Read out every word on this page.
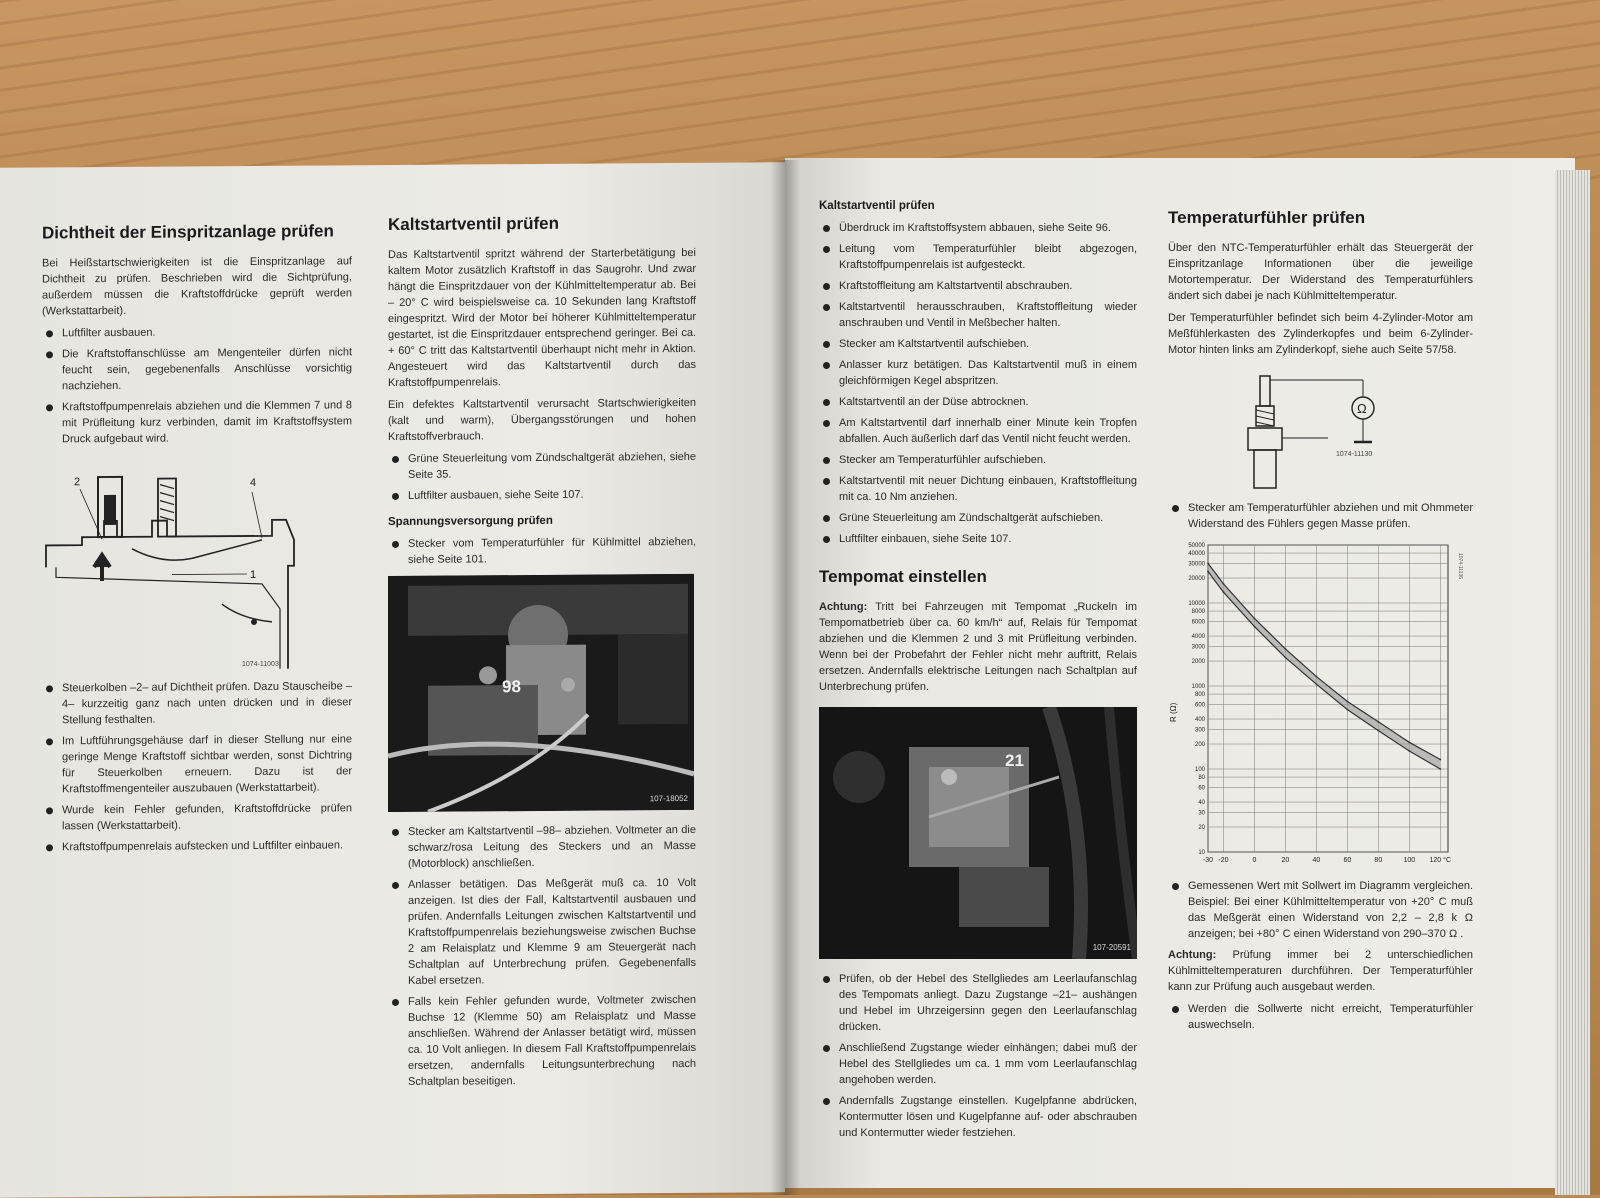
Dichtheit der Einspritzanlage prüfen

Bei Heißstartschwierigkeiten ist die Einspritzanlage auf Dichtheit zu prüfen. Beschrieben wird die Sichtprüfung, außerdem müssen die Kraftstoffdrücke geprüft werden (Werkstattarbeit).

Luftfilter ausbauen.
Die Kraftstoffanschlüsse am Mengenteiler dürfen nicht feucht sein, gegebenenfalls Anschlüsse vorsichtig nachziehen.
Kraftstoffpumpenrelais abziehen und die Klemmen 7 und 8 mit Prüfleitung kurz verbinden, damit im Kraftstoffsystem Druck aufgebaut wird.
2	4
1
1074-11003
Steuerkolben –2– auf Dichtheit prüfen. Dazu Stauscheibe –4– kurzzeitig ganz nach unten drücken und in dieser Stellung festhalten.
Im Luftführungsgehäuse darf in dieser Stellung nur eine geringe Menge Kraftstoff sichtbar werden, sonst Dichtring für Steuerkolben erneuern. Dazu ist der Kraftstoffmengenteiler auszubauen (Werkstattarbeit).
Wurde kein Fehler gefunden, Kraftstoffdrücke prüfen lassen (Werkstattarbeit).
Kraftstoffpumpenrelais aufstecken und Luftfilter einbauen.
Kaltstartventil prüfen

Das Kaltstartventil spritzt während der Starterbetätigung bei kaltem Motor zusätzlich Kraftstoff in das Saugrohr. Und zwar hängt die Einspritzdauer von der Kühlmitteltemperatur ab. Bei – 20° C wird beispielsweise ca. 10 Sekunden lang Kraftstoff eingespritzt. Wird der Motor bei höherer Kühlmitteltemperatur gestartet, ist die Einspritzdauer entsprechend geringer. Bei ca. + 60° C tritt das Kaltstartventil überhaupt nicht mehr in Aktion. Angesteuert wird das Kaltstartventil durch das Kraftstoffpumpenrelais.

Ein defektes Kaltstartventil verursacht Startschwierigkeiten (kalt und warm), Übergangsstörungen und hohen Kraftstoffverbrauch.

Grüne Steuerleitung vom Zündschaltgerät abziehen, siehe Seite 35.
Luftfilter ausbauen, siehe Seite 107.
Spannungsversorgung prüfen
Stecker vom Temperaturfühler für Kühlmittel abziehen, siehe Seite 101.
98
107-18052
Stecker am Kaltstartventil –98– abziehen. Voltmeter an die schwarz/rosa Leitung des Steckers und an Masse (Motorblock) anschließen.
Anlasser betätigen. Das Meßgerät muß ca. 10 Volt anzeigen. Ist dies der Fall, Kaltstartventil ausbauen und prüfen. Andernfalls Leitungen zwischen Kaltstartventil und Kraftstoffpumpenrelais beziehungsweise zwischen Buchse 2 am Relaisplatz und Klemme 9 am Steuergerät nach Schaltplan auf Unterbrechung prüfen. Gegebenenfalls Kabel ersetzen.
Falls kein Fehler gefunden wurde, Voltmeter zwischen Buchse 12 (Klemme 50) am Relaisplatz und Masse anschließen. Während der Anlasser betätigt wird, müssen ca. 10 Volt anliegen. In diesem Fall Kraftstoffpumpenrelais ersetzen, andernfalls Leitungsunterbrechung nach Schaltplan beseitigen.
Kaltstartventil prüfen
Überdruck im Kraftstoffsystem abbauen, siehe Seite 96.
Leitung vom Temperaturfühler bleibt abgezogen, Kraftstoffpumpenrelais ist aufgesteckt.
Kraftstoffleitung am Kaltstartventil abschrauben.
Kaltstartventil herausschrauben, Kraftstoffleitung wieder anschrauben und Ventil in Meßbecher halten.
Stecker am Kaltstartventil aufschieben.
Anlasser kurz betätigen. Das Kaltstartventil muß in einem gleichförmigen Kegel abspritzen.
Kaltstartventil an der Düse abtrocknen.
Am Kaltstartventil darf innerhalb einer Minute kein Tropfen abfallen. Auch äußerlich darf das Ventil nicht feucht werden.
Stecker am Temperaturfühler aufschieben.
Kaltstartventil mit neuer Dichtung einbauen, Kraftstoffleitung mit ca. 10 Nm anziehen.
Grüne Steuerleitung am Zündschaltgerät aufschieben.
Luftfilter einbauen, siehe Seite 107.
Tempomat einstellen

Achtung: Tritt bei Fahrzeugen mit Tempomat „Ruckeln im Tempomatbetrieb über ca. 60 km/h“ auf, Relais für Tempomat abziehen und die Klemmen 2 und 3 mit Prüfleitung verbinden. Wenn bei der Probefahrt der Fehler nicht mehr auftritt, Relais ersetzen. Andernfalls elektrische Leitungen nach Schaltplan auf Unterbrechung prüfen.

21
107-20591
Prüfen, ob der Hebel des Stellgliedes am Leerlaufanschlag des Tempomats anliegt. Dazu Zugstange –21– aushängen und Hebel im Uhrzeigersinn gegen den Leerlaufanschlag drücken.
Anschließend Zugstange wieder einhängen; dabei muß der Hebel des Stellgliedes um ca. 1 mm vom Leerlaufanschlag angehoben werden.
Andernfalls Zugstange einstellen. Kugelpfanne abdrücken, Kontermutter lösen und Kugelpfanne auf- oder abschrauben und Kontermutter wieder festziehen.
Temperaturfühler prüfen

Über den NTC-Temperaturfühler erhält das Steuergerät der Einspritzanlage Informationen über die jeweilige Motortemperatur. Der Widerstand des Temperaturfühlers ändert sich dabei je nach Kühlmitteltemperatur.

Der Temperaturfühler befindet sich beim 4-Zylinder-Motor am Meßfühlerkasten des Zylinderkopfes und beim 6-Zylinder-Motor hinten links am Zylinderkopf, siehe auch Seite 57/58.

Ω
1074-11130
Stecker am Temperaturfühler abziehen und mit Ohmmeter Widerstand des Fühlers gegen Masse prüfen.
50000
40000
30000
20000
10000
8000
6000
4000
3000
2000
1000
800
600
400
300
200
100
80
60
40
30
20
10
-30 -20	0	20	40	60	80	100 120 °C
R (Ω)
1074-11136
Gemessenen Wert mit Sollwert im Diagramm vergleichen. Beispiel: Bei einer Kühlmitteltemperatur von +20° C muß das Meßgerät einen Widerstand von 2,2 – 2,8 k Ω anzeigen; bei +80° C einen Widerstand von 290–370 Ω .

Achtung: Prüfung immer bei 2 unterschiedlichen Kühlmitteltemperaturen durchführen. Der Temperaturfühler kann zur Prüfung auch ausgebaut werden.

Werden die Sollwerte nicht erreicht, Temperaturfühler auswechseln.
